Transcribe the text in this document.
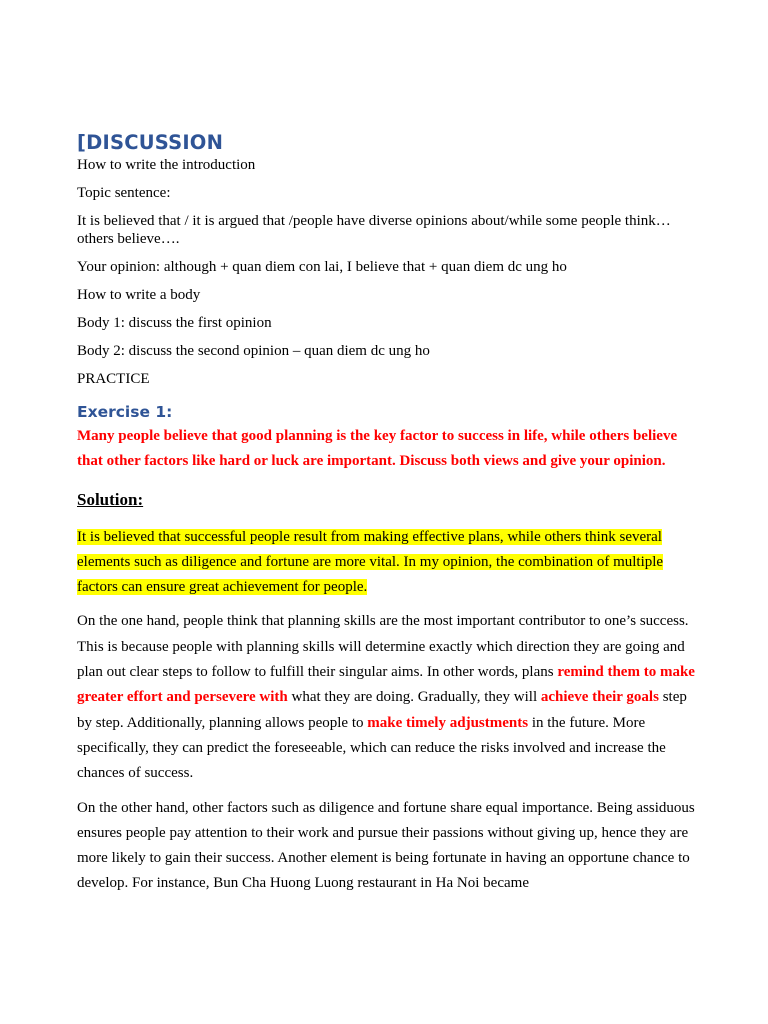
[DISCUSSION

How to write the introduction

Topic sentence:

It is believed that / it is argued that /people have diverse opinions about/while some people think… others believe….

Your opinion: although + quan diem con lai, I believe that + quan diem dc ung ho

How to write a body

Body 1: discuss the first opinion

Body 2: discuss the second opinion – quan diem dc ung ho

PRACTICE

Exercise 1:

Many people believe that good planning is the key factor to success in life, while others believe that other factors like hard or luck are important. Discuss both views and give your opinion.

Solution:

It is believed that successful people result from making effective plans, while others think several elements such as diligence and fortune are more vital. In my opinion, the combination of multiple factors can ensure great achievement for people.

On the one hand, people think that planning skills are the most important contributor to one’s success. This is because people with planning skills will determine exactly which direction they are going and plan out clear steps to follow to fulfill their singular aims. In other words, plans remind them to make greater effort and persevere with what they are doing. Gradually, they will achieve their goals step by step. Additionally, planning allows people to make timely adjustments in the future. More specifically, they can predict the foreseeable, which can reduce the risks involved and increase the chances of success.

On the other hand, other factors such as diligence and fortune share equal importance. Being assiduous ensures people pay attention to their work and pursue their passions without giving up, hence they are more likely to gain their success. Another element is being fortunate in having an opportune chance to develop. For instance, Bun Cha Huong Luong restaurant in Ha Noi became
